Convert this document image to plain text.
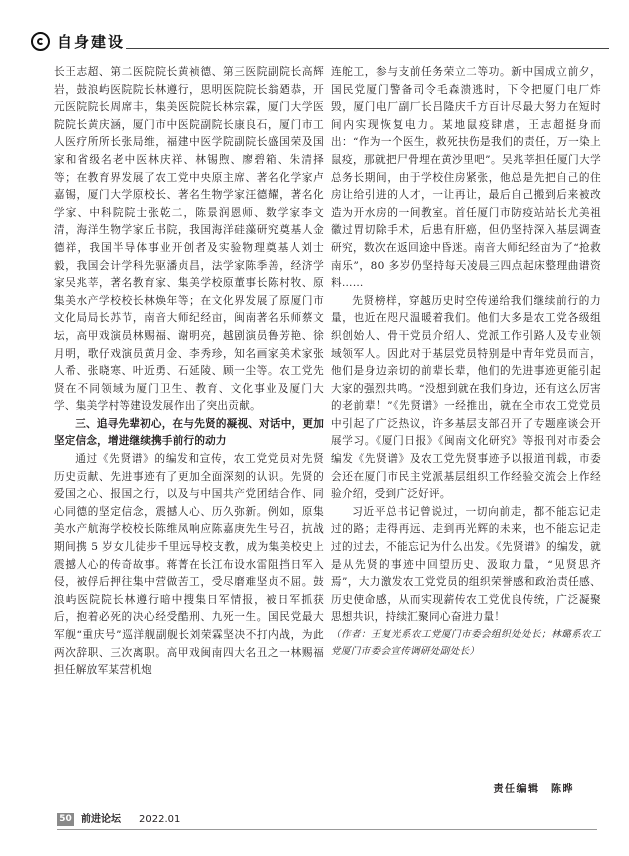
自身建设

长王志超、第二医院院长黄祯德、第三医院副院长高辉岩，鼓浪屿医院院长林遵行，思明医院院长翁廼恭，开元医院院长周席丰，集美医院院长林宗霖，厦门大学医院院长黄庆涵，厦门市中医院副院长康良石，厦门市工人医疗所所长张局维，福建中医学院副院长盛国荣及国家和省级名老中医林庆祥、林锡煦、廖碧箱、朱清择等；在教育界发展了农工党中央原主席、著名化学家卢嘉锡，厦门大学原校长、著名生物学家汪德耀，著名化学家、中科院院士张乾二，陈景润恩师、数学家李文清，海洋生物学家丘书院，我国海洋硅藻研究奠基人金德祥，我国半导体事业开创者及实验物理奠基人刘士毅，我国会计学科先驱潘贞昌，法学家陈季善，经济学家吴兆莘，著名教育家、集美学校原董事长陈村牧、原集美水产学校校长林焕年等；在文化界发展了原厦门市文化局局长苏节，南音大师纪经亩，闽南著名乐师蔡文坛，高甲戏演员林赐福、谢明亮，越剧演员鲁芳艳、徐月明，歌仔戏演员黄月金、李秀珍，知名画家美术家张人希、张晓寒、叶近勇、石延陵、顾一尘等。农工党先贤在不同领域为厦门卫生、教育、文化事业及厦门大学、集美学村等建设发展作出了突出贡献。

三、追寻先辈初心，在与先贤的凝视、对话中，更加坚定信念，增进继续携手前行的动力

通过《先贤谱》的编发和宣传，农工党党员对先贤历史贡献、先进事迹有了更加全面深刻的认识。先贤的爱国之心、报国之行，以及与中国共产党团结合作、同心同德的坚定信念，震撼人心、历久弥新。例如，原集美水产航海学校校长陈维凤响应陈嘉庚先生号召，抗战期间携 5 岁女儿徒步千里远导校支教，成为集美校史上震撼人心的传奇故事。蒋菁在长江布设水雷阻挡日军入侵，被俘后押往集中营做苦工，受尽磨难坚贞不屈。鼓浪屿医院院长林遵行暗中搜集日军情报，被日军抓获后，抱着必死的决心经受酷刑、九死一生。国民党最大军舰“重庆号”巡洋舰副舰长刘荣霖坚决不打内战，为此两次辞职、三次离职。高甲戏闽南四大名丑之一林赐福担任解放军某营机炮

连舵工，参与支前任务荣立二等功。新中国成立前夕，国民党厦门警备司令毛森溃逃时，下令把厦门电厂炸毁，厦门电厂副厂长吕隆庆千方百计尽最大努力在短时间内实现恢复电力。某地鼠疫肆虐，王志超挺身而出：“作为一个医生，救死扶伤是我们的责任，万一染上鼠疫，那就把尸骨埋在黄沙里吧”。吴兆莘担任厦门大学总务长期间，由于学校住房紧张，他总是先把自己的住房让给引进的人才，一让再让，最后自己搬到后来被改造为开水房的一间教室。首任厦门市防疫站站长尤美祖徽过胃切除手术，后患有肝癌，但仍坚持深入基层调查研究，数次在返回途中昏迷。南音大师纪经亩为了“抢救南乐”，80 多岁仍坚持每天凌晨三四点起床整理曲谱资料……

先贤榜样，穿越历史时空传递给我们继续前行的力量，也近在咫尺温暖着我们。他们大多是农工党各级组织创始人、骨干党员介绍人、党派工作引路人及专业领域领军人。因此对于基层党员特别是中青年党员而言，他们是身边亲切的前辈长辈，他们的先进事迹更能引起大家的强烈共鸣。“没想到就在我们身边，还有这么厉害的老前辈！”《先贤谱》一经推出，就在全市农工党党员中引起了广泛热议，许多基层支部召开了专题座谈会开展学习。《厦门日报》《闽南文化研究》等报刊对市委会编发《先贤谱》及农工党先贤事迹予以报道刊载，市委会还在厦门市民主党派基层组织工作经验交流会上作经验介绍，受到广泛好评。

习近平总书记曾说过，一切向前走，都不能忘记走过的路；走得再远、走到再光辉的未来，也不能忘记走过的过去，不能忘记为什么出发。《先贤谱》的编发，就是从先贤的事迹中回望历史、汲取力量，“见贤思齐焉”，大力激发农工党党员的组织荣誉感和政治责任感、历史使命感，从而实现薪传农工党优良传统，广泛凝聚思想共识，持续汇聚同心奋进力量！

（作者：王复光系农工党厦门市委会组织处处长；林璐系农工党厦门市委会宣传调研处副处长）

责任编辑　陈晔
50 前进论坛 2022.01
